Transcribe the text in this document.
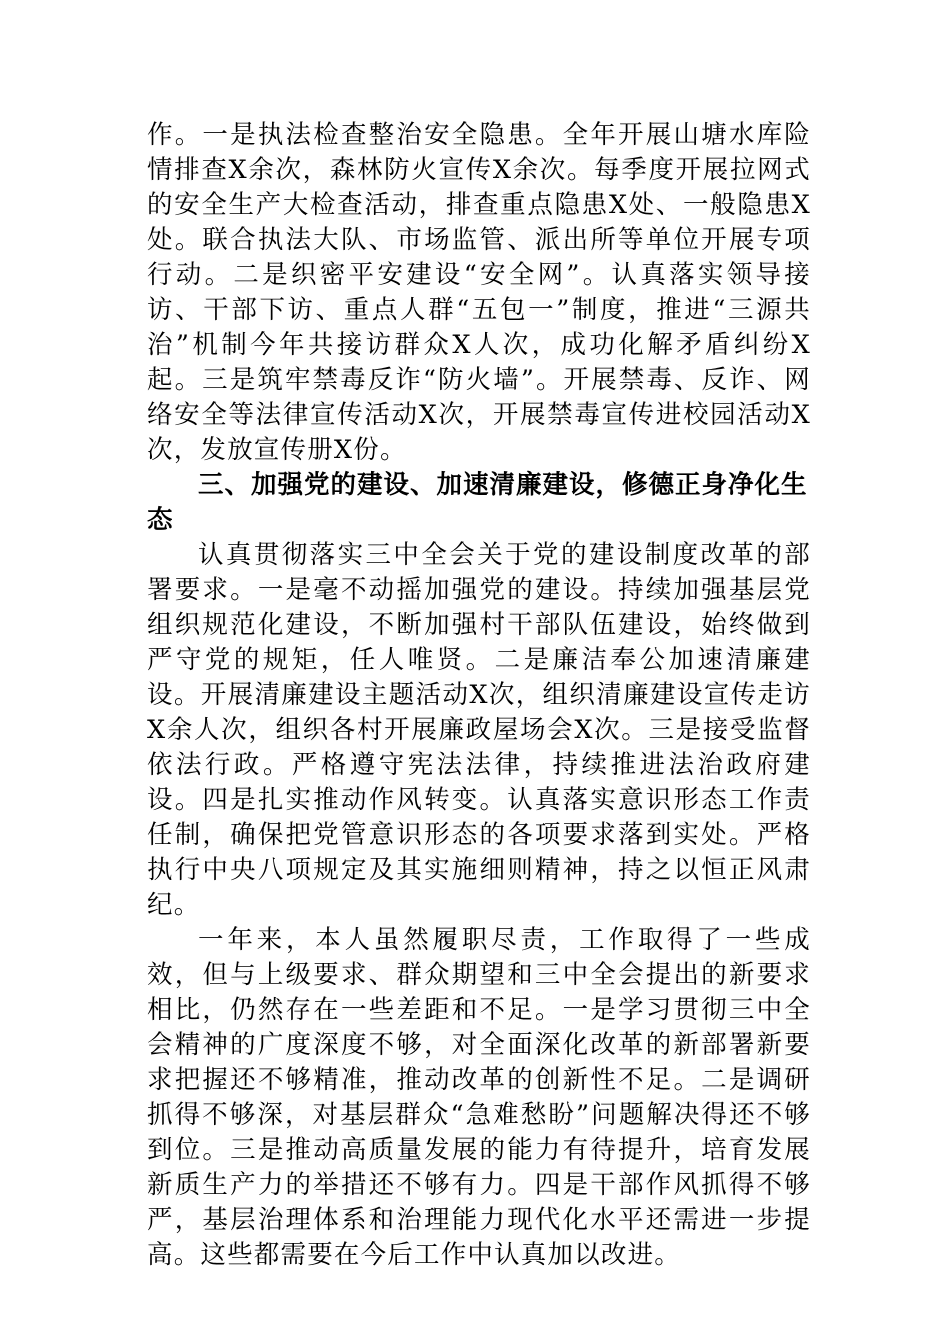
作。一是执法检查整治安全隐患。全年开展山塘水库险情排查X余次，森林防火宣传X余次。每季度开展拉网式的安全生产大检查活动，排查重点隐患X处、一般隐患X处。联合执法大队、市场监管、派出所等单位开展专项行动。二是织密平安建设“安全网”。认真落实领导接访、干部下访、重点人群“五包一”制度，推进“三源共治”机制今年共接访群众X人次，成功化解矛盾纠纷X起。三是筑牢禁毒反诈“防火墙”。开展禁毒、反诈、网络安全等法律宣传活动X次，开展禁毒宣传进校园活动X次，发放宣传册X份。

三、加强党的建设、加速清廉建设，修德正身净化生态

认真贯彻落实三中全会关于党的建设制度改革的部署要求。一是毫不动摇加强党的建设。持续加强基层党组织规范化建设，不断加强村干部队伍建设，始终做到严守党的规矩，任人唯贤。二是廉洁奉公加速清廉建设。开展清廉建设主题活动X次，组织清廉建设宣传走访X余人次，组织各村开展廉政屋场会X次。三是接受监督依法行政。严格遵守宪法法律，持续推进法治政府建设。四是扎实推动作风转变。认真落实意识形态工作责任制，确保把党管意识形态的各项要求落到实处。严格执行中央八项规定及其实施细则精神，持之以恒正风肃纪。

一年来，本人虽然履职尽责，工作取得了一些成效，但与上级要求、群众期望和三中全会提出的新要求相比，仍然存在一些差距和不足。一是学习贯彻三中全会精神的广度深度不够，对全面深化改革的新部署新要求把握还不够精准，推动改革的创新性不足。二是调研抓得不够深，对基层群众“急难愁盼”问题解决得还不够到位。三是推动高质量发展的能力有待提升，培育发展新质生产力的举措还不够有力。四是干部作风抓得不够严，基层治理体系和治理能力现代化水平还需进一步提高。这些都需要在今后工作中认真加以改进。
